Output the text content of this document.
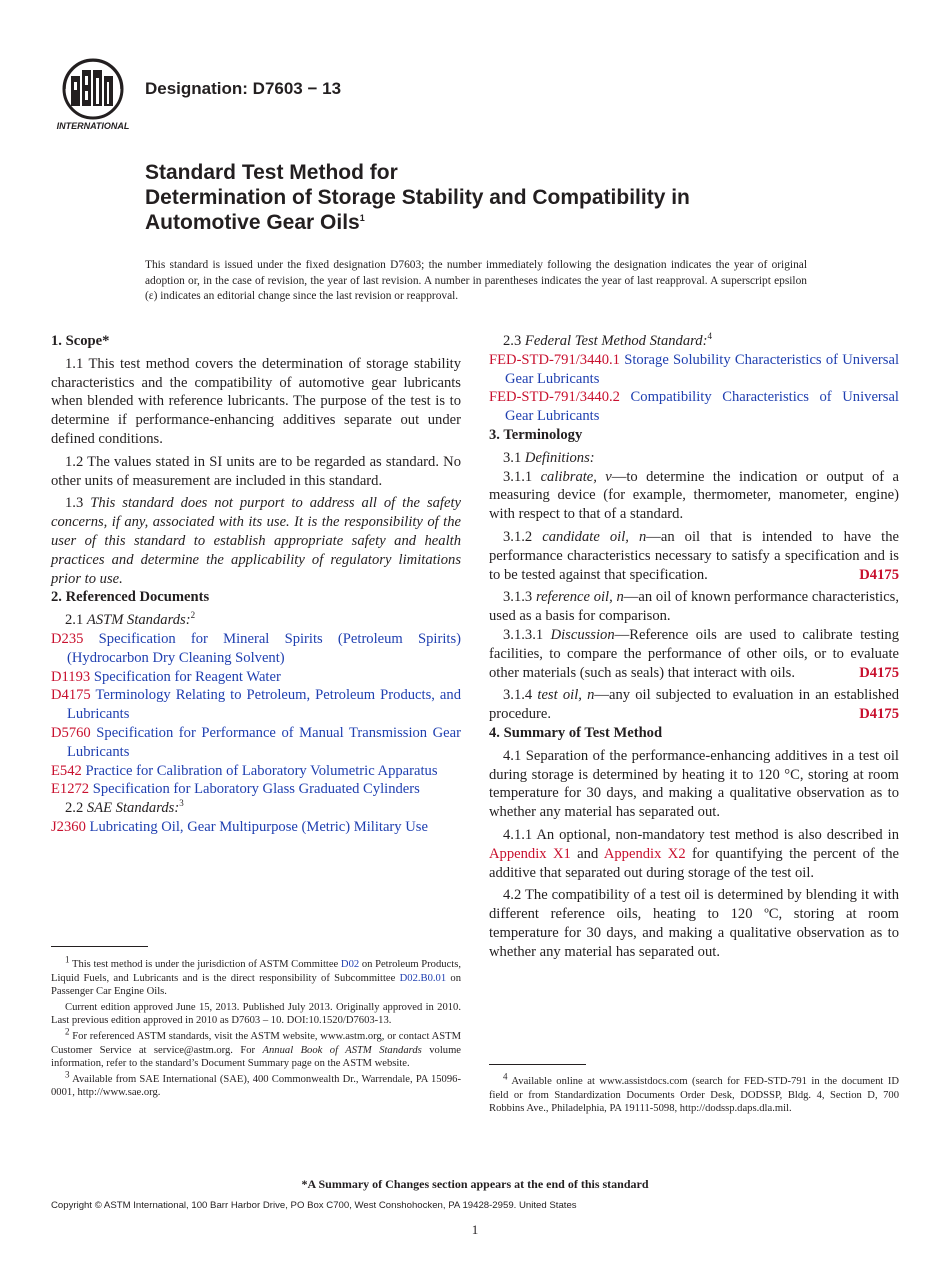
INTERNATIONAL
Designation: D7603 − 13
Standard Test Method for
Determination of Storage Stability and Compatibility in
Automotive Gear Oils$^1$
This standard is issued under the fixed designation D7603; the number immediately following the designation indicates the year of original adoption or, in the case of revision, the year of last revision. A number in parentheses indicates the year of last reapproval. A superscript epsilon (ε) indicates an editorial change since the last revision or reapproval.

1. Scope*

1.1 This test method covers the determination of storage stability characteristics and the compatibility of automotive gear lubricants when blended with reference lubricants. The purpose of the test is to determine if performance-enhancing additives separate out under defined conditions.

1.2 The values stated in SI units are to be regarded as standard. No other units of measurement are included in this standard.

1.3 This standard does not purport to address all of the safety concerns, if any, associated with its use. It is the responsibility of the user of this standard to establish appropriate safety and health practices and determine the applicability of regulatory limitations prior to use.

2. Referenced Documents

2.1 ASTM Standards:$^2$

D235 Specification for Mineral Spirits (Petroleum Spirits) (Hydrocarbon Dry Cleaning Solvent)

D1193 Specification for Reagent Water

D4175 Terminology Relating to Petroleum, Petroleum Products, and Lubricants

D5760 Specification for Performance of Manual Transmission Gear Lubricants

E542 Practice for Calibration of Laboratory Volumetric Apparatus

E1272 Specification for Laboratory Glass Graduated Cylinders

2.2 SAE Standards:$^3$

J2360 Lubricating Oil, Gear Multipurpose (Metric) Military Use

$^1$ This test method is under the jurisdiction of ASTM Committee D02 on Petroleum Products, Liquid Fuels, and Lubricants and is the direct responsibility of Subcommittee D02.B0.01 on Passenger Car Engine Oils.

Current edition approved June 15, 2013. Published July 2013. Originally approved in 2010. Last previous edition approved in 2010 as D7603 – 10. DOI:10.1520/D7603-13.

$^2$ For referenced ASTM standards, visit the ASTM website, www.astm.org, or contact ASTM Customer Service at service@astm.org. For Annual Book of ASTM Standards volume information, refer to the standard’s Document Summary page on the ASTM website.

$^3$ Available from SAE International (SAE), 400 Commonwealth Dr., Warrendale, PA 15096-0001, http://www.sae.org.

2.3 Federal Test Method Standard:$^4$

FED-STD-791/3440.1 Storage Solubility Characteristics of Universal Gear Lubricants

FED-STD-791/3440.2 Compatibility Characteristics of Universal Gear Lubricants

3. Terminology

3.1 Definitions:

3.1.1 calibrate, v—to determine the indication or output of a measuring device (for example, thermometer, manometer, engine) with respect to that of a standard.

3.1.2 candidate oil, n—an oil that is intended to have the performance characteristics necessary to satisfy a specification and is to be tested against that specification.	D4175

3.1.3 reference oil, n—an oil of known performance characteristics, used as a basis for comparison.

3.1.3.1 Discussion—Reference oils are used to calibrate testing facilities, to compare the performance of other oils, or to evaluate other materials (such as seals) that interact with oils.	D4175

3.1.4 test oil, n—any oil subjected to evaluation in an established procedure.	D4175

4. Summary of Test Method

4.1 Separation of the performance-enhancing additives in a test oil during storage is determined by heating it to 120 °C, storing at room temperature for 30 days, and making a qualitative observation as to whether any material has separated out.

4.1.1 An optional, non-mandatory test method is also described in Appendix X1 and Appendix X2 for quantifying the percent of the additive that separated out during storage of the test oil.

4.2 The compatibility of a test oil is determined by blending it with different reference oils, heating to 120 ºC, storing at room temperature for 30 days, and making a qualitative observation as to whether any material has separated out.

$^4$ Available online at www.assistdocs.com (search for FED-STD-791 in the document ID field or from Standardization Documents Order Desk, DODSSP, Bldg. 4, Section D, 700 Robbins Ave., Philadelphia, PA 19111-5098, http://dodssp.daps.dla.mil.

*A Summary of Changes section appears at the end of this standard
Copyright © ASTM International, 100 Barr Harbor Drive, PO Box C700, West Conshohocken, PA 19428-2959. United States
1
